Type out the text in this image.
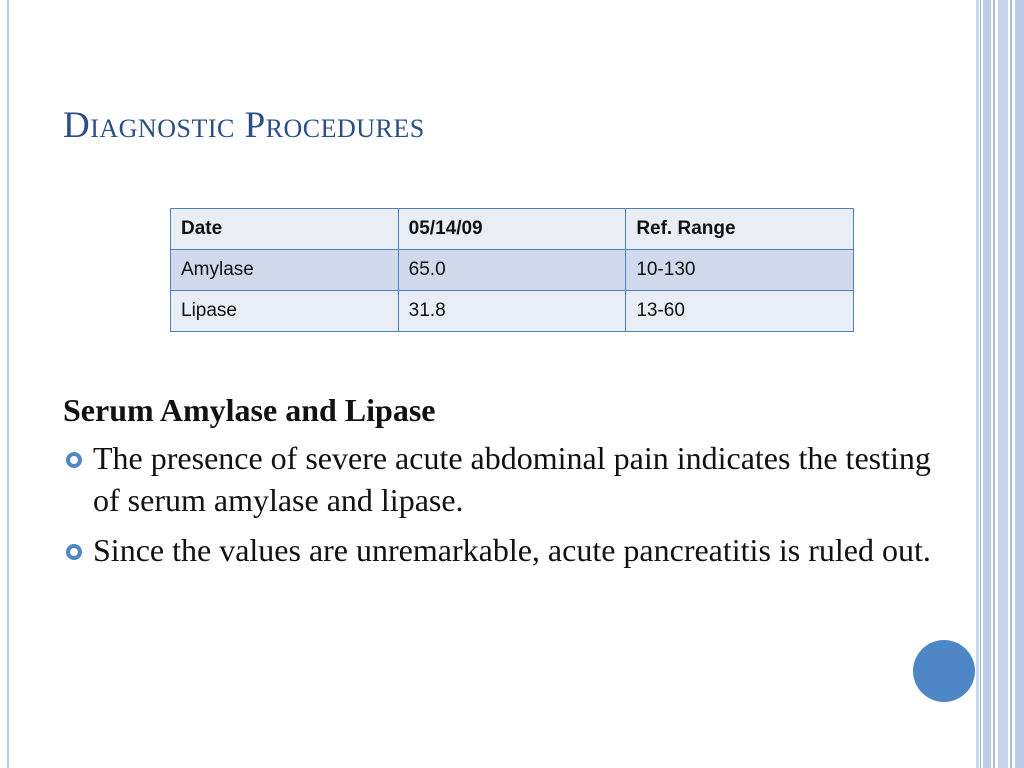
Diagnostic Procedures
Date	05/14/09	Ref. Range
Amylase	65.0	10-130
Lipase	31.8	13-60
Serum Amylase and Lipase
The presence of severe acute abdominal pain indicates the testing of serum amylase and lipase.
Since the values are unremarkable, acute pancreatitis is ruled out.
